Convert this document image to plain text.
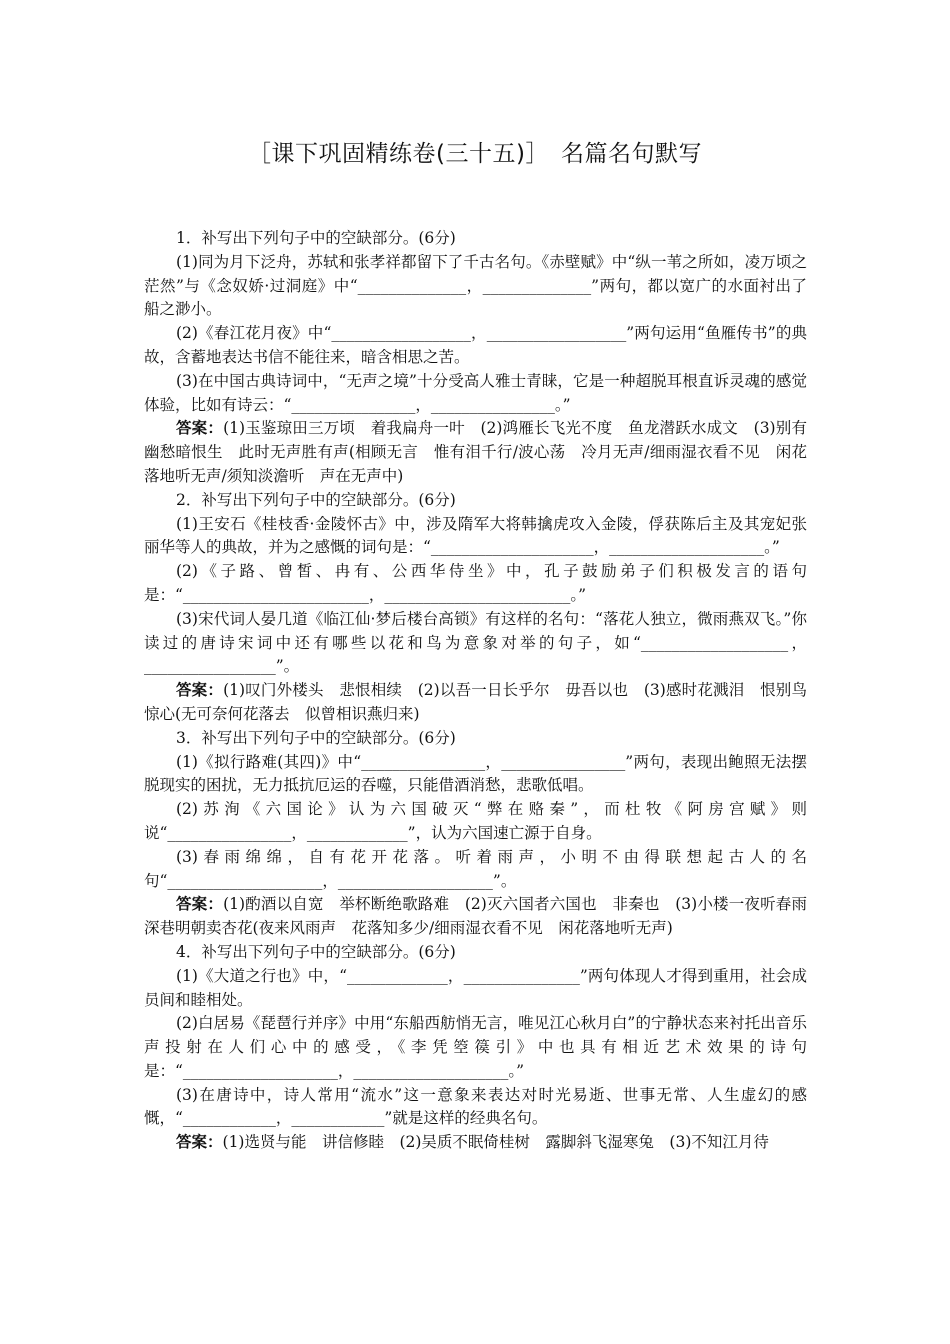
［课下巩固精练卷(三十五)］　名篇名句默写

1．补写出下列句子中的空缺部分。(6分)

(1)同为月下泛舟，苏轼和张孝祥都留下了千古名句。《赤壁赋》中“纵一苇之所如，凌万顷之茫然”与《念奴娇·过洞庭》中“______________，______________”两句，都以宽广的水面衬出了船之渺小。

(2)《春江花月夜》中“__________________，__________________”两句运用“鱼雁传书”的典故，含蓄地表达书信不能往来，暗含相思之苦。

(3)在中国古典诗词中，“无声之境”十分受高人雅士青睐，它是一种超脱耳根直诉灵魂的感觉体验，比如有诗云：“________________，________________。”

答案：(1)玉鉴琼田三万顷　着我扁舟一叶　(2)鸿雁长飞光不度　鱼龙潜跃水成文　(3)别有幽愁暗恨生　此时无声胜有声(相顾无言　惟有泪千行/波心荡　冷月无声/细雨湿衣看不见　闲花落地听无声/须知淡澹听　声在无声中)

2．补写出下列句子中的空缺部分。(6分)

(1)王安石《桂枝香·金陵怀古》中，涉及隋军大将韩擒虎攻入金陵，俘获陈后主及其宠妃张丽华等人的典故，并为之感慨的词句是：“_____________________，____________________。”

(2)《子路、曾皙、冉有、公西华侍坐》中，孔子鼓励弟子们积极发言的语句是：“________________________，________________________。”

(3)宋代词人晏几道《临江仙·梦后楼台高锁》有这样的名句：“落花人独立，微雨燕双飞。”你读过的唐诗宋词中还有哪些以花和鸟为意象对举的句子，如“___________________，_________________”。

答案：(1)叹门外楼头　悲恨相续　(2)以吾一日长乎尔　毋吾以也　(3)感时花溅泪　恨别鸟惊心(无可奈何花落去　似曾相识燕归来)

3．补写出下列句子中的空缺部分。(6分)

(1)《拟行路难(其四)》中“________________，________________”两句，表现出鲍照无法摆脱现实的困扰，无力抵抗厄运的吞噬，只能借酒消愁，悲歌低唱。

(2)苏洵《六国论》认为六国破灭“弊在赂秦”，而杜牧《阿房宫赋》则说“________________，_____________”，认为六国速亡源于自身。

(3)春雨绵绵，自有花开花落。听着雨声，小明不由得联想起古人的名句“____________________，____________________”。

答案：(1)酌酒以自宽　举杯断绝歌路难　(2)灭六国者六国也　非秦也　(3)小楼一夜听春雨　深巷明朝卖杏花(夜来风雨声　花落知多少/细雨湿衣看不见　闲花落地听无声)

4．补写出下列句子中的空缺部分。(6分)

(1)《大道之行也》中，“_____________，_______________”两句体现人才得到重用，社会成员间和睦相处。

(2)白居易《琵琶行并序》中用“东船西舫悄无言，唯见江心秋月白”的宁静状态来衬托出音乐声投射在人们心中的感受，《李凭箜篌引》中也具有相近艺术效果的诗句是：“____________________，____________________。”

(3)在唐诗中，诗人常用“流水”这一意象来表达对时光易逝、世事无常、人生虚幻的感慨，“____________，____________”就是这样的经典名句。

答案：(1)选贤与能　讲信修睦　(2)吴质不眠倚桂树　露脚斜飞湿寒兔　(3)不知江月待
